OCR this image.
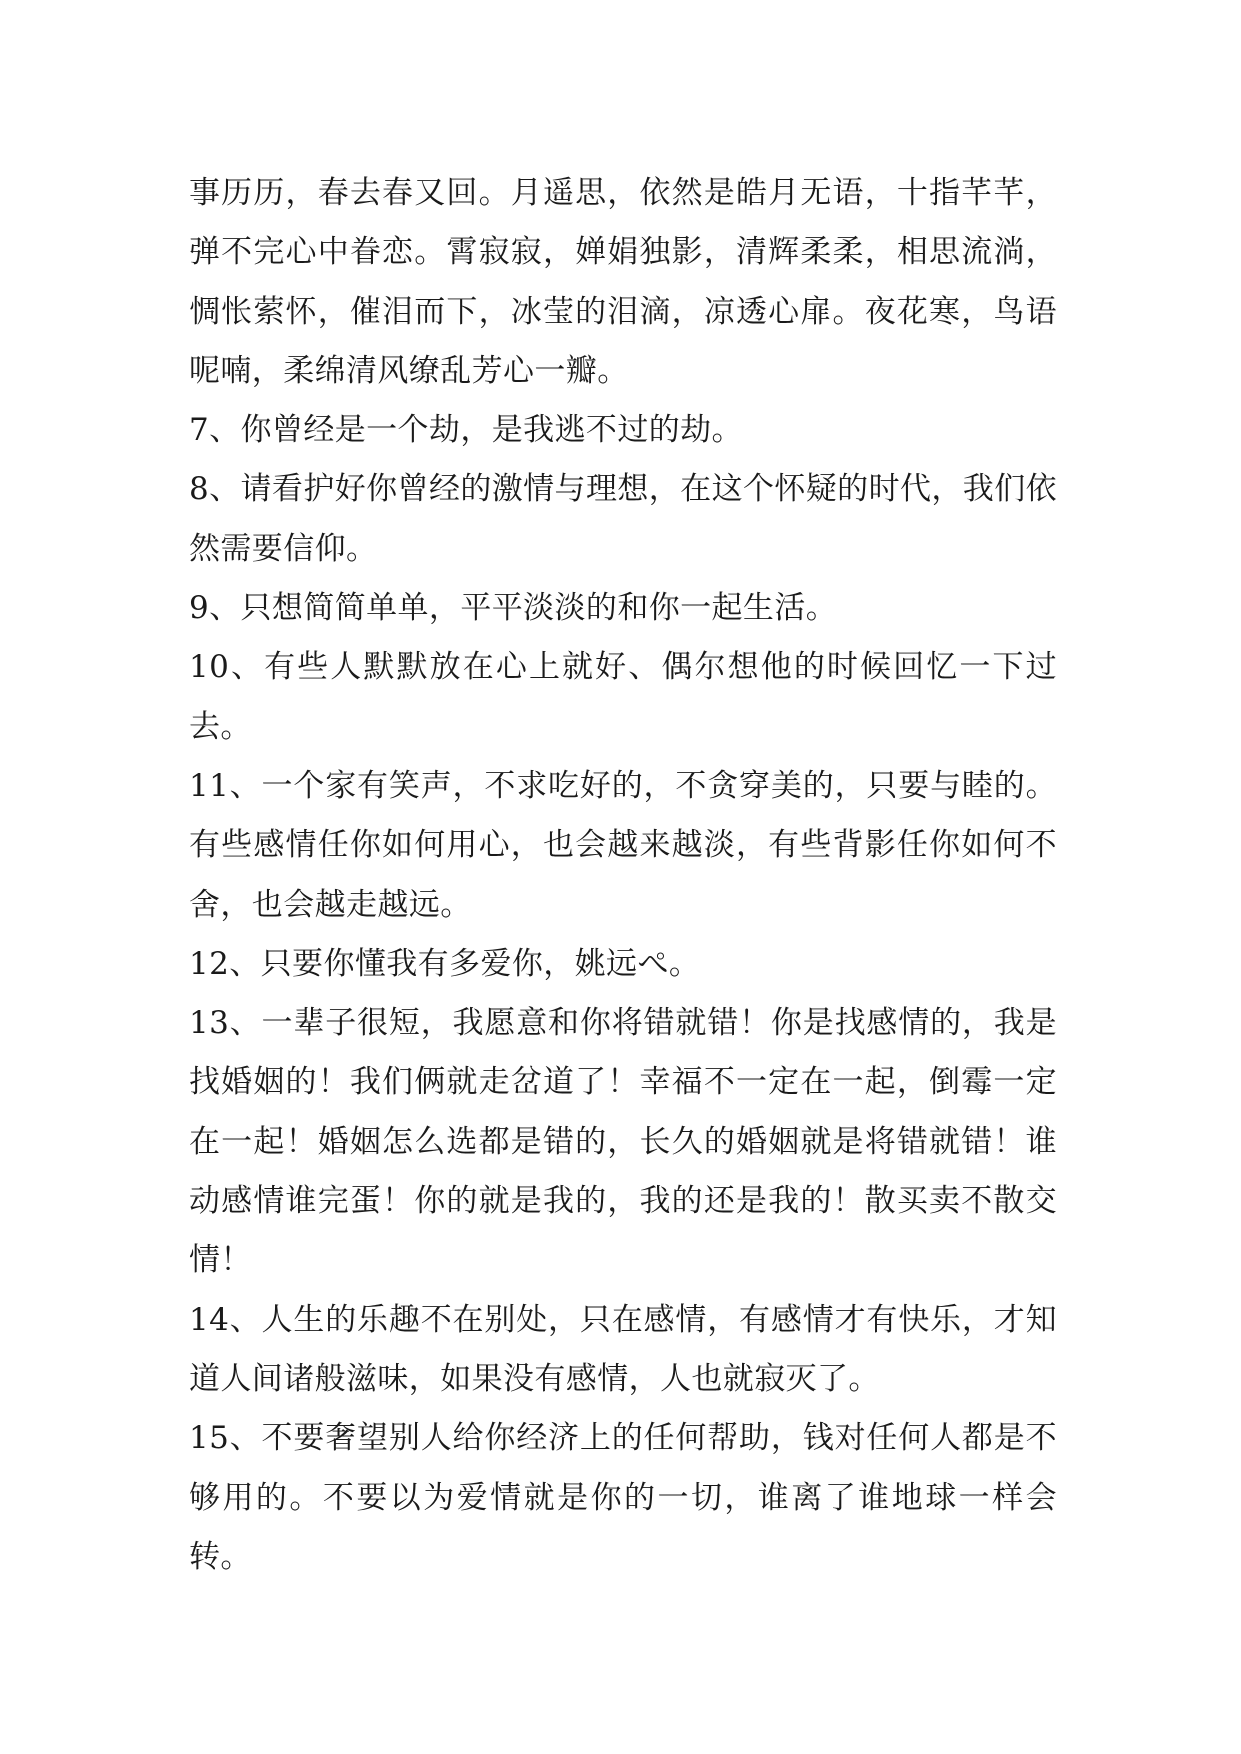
事历历，春去春又回。月遥思，依然是皓月无语，十指芊芊，弹不完心中眷恋。霄寂寂，婵娟独影，清辉柔柔，相思流淌，惆怅萦怀，催泪而下，冰莹的泪滴，凉透心扉。夜花寒，鸟语呢喃，柔绵清风缭乱芳心一瓣。

7、你曾经是一个劫，是我逃不过的劫。

8、请看护好你曾经的激情与理想，在这个怀疑的时代，我们依然需要信仰。

9、只想简简单单，平平淡淡的和你一起生活。

10、有些人默默放在心上就好、偶尔想他的时候回忆一下过去。

11、一个家有笑声，不求吃好的，不贪穿美的，只要与睦的。有些感情任你如何用心，也会越来越淡，有些背影任你如何不舍，也会越走越远。

12、只要你懂我有多爱你，姚远ぺ。

13、一辈子很短，我愿意和你将错就错！你是找感情的，我是找婚姻的！我们俩就走岔道了！幸福不一定在一起，倒霉一定在一起！婚姻怎么选都是错的，长久的婚姻就是将错就错！谁动感情谁完蛋！你的就是我的，我的还是我的！散买卖不散交情！

14、人生的乐趣不在别处，只在感情，有感情才有快乐，才知道人间诸般滋味，如果没有感情，人也就寂灭了。

15、不要奢望别人给你经济上的任何帮助，钱对任何人都是不够用的。不要以为爱情就是你的一切，谁离了谁地球一样会转。
